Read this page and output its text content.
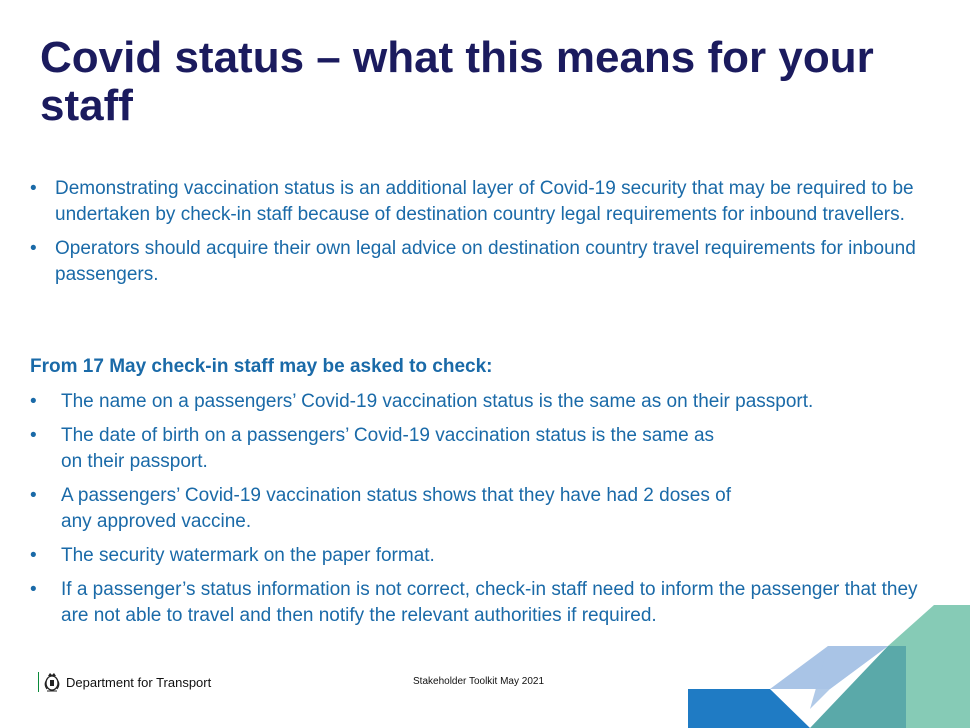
Covid status – what this means for your staff
• Demonstrating vaccination status is an additional layer of Covid-19 security that may be required to be undertaken by check-in staff because of destination country legal requirements for inbound travellers.
• Operators should acquire their own legal advice on destination country travel requirements for inbound passengers.

From 17 May check-in staff may be asked to check:

• The name on a passengers’ Covid-19 vaccination status is the same as on their passport.
• The date of birth on a passengers’ Covid-19 vaccination status is the same as
on their passport.
• A passengers’ Covid-19 vaccination status shows that they have had 2 doses of
any approved vaccine.
• The security watermark on the paper format.
• If a passenger’s status information is not correct, check-in staff need to inform the passenger that they are not able to travel and then notify the relevant authorities if required.
Department for Transport	Stakeholder Toolkit May 2021
